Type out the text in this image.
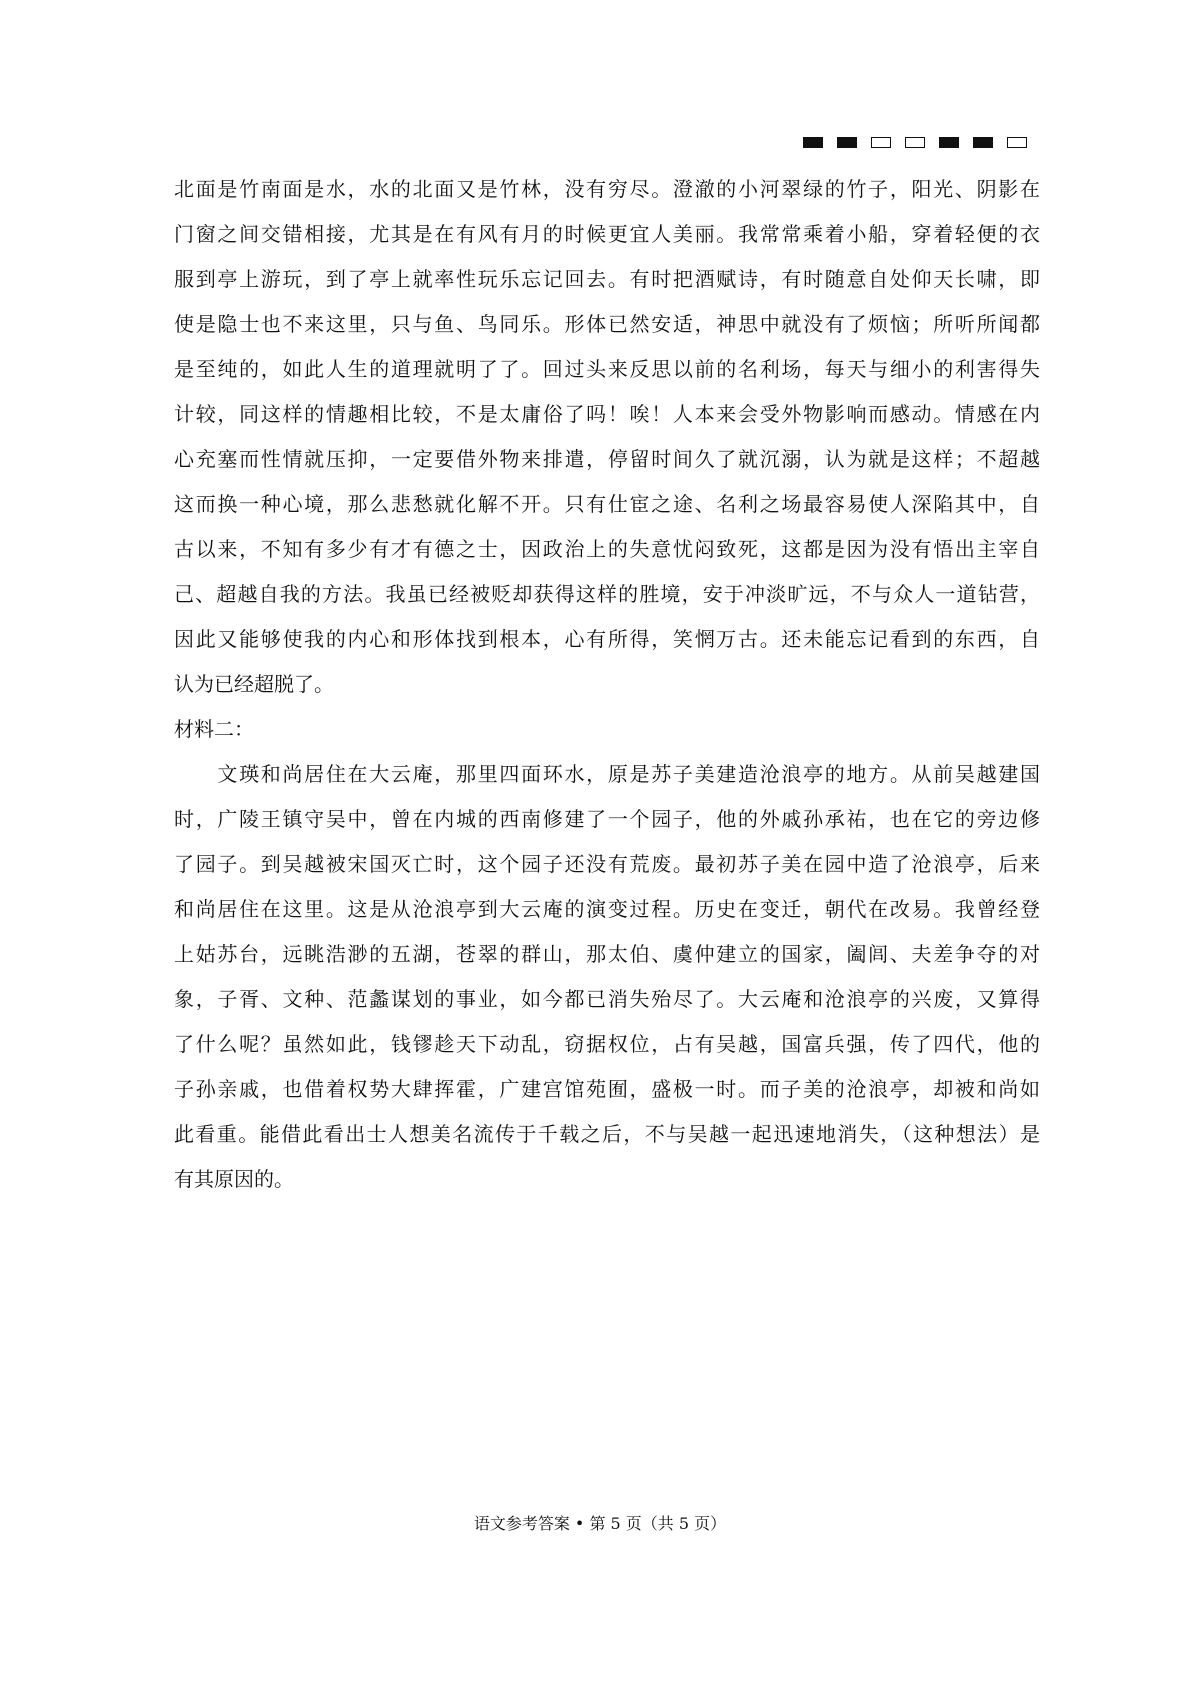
北面是竹南面是水，水的北面又是竹林，没有穷尽。澄澈的小河翠绿的竹子，阳光、阴影在
门窗之间交错相接，尤其是在有风有月的时候更宜人美丽。我常常乘着小船，穿着轻便的衣
服到亭上游玩，到了亭上就率性玩乐忘记回去。有时把酒赋诗，有时随意自处仰天长啸，即
使是隐士也不来这里，只与鱼、鸟同乐。形体已然安适，神思中就没有了烦恼；所听所闻都
是至纯的，如此人生的道理就明了了。回过头来反思以前的名利场，每天与细小的利害得失
计较，同这样的情趣相比较，不是太庸俗了吗！唉！人本来会受外物影响而感动。情感在内
心充塞而性情就压抑，一定要借外物来排遣，停留时间久了就沉溺，认为就是这样；不超越
这而换一种心境，那么悲愁就化解不开。只有仕宦之途、名利之场最容易使人深陷其中，自
古以来，不知有多少有才有德之士，因政治上的失意忧闷致死，这都是因为没有悟出主宰自
己、超越自我的方法。我虽已经被贬却获得这样的胜境，安于冲淡旷远，不与众人一道钻营，
因此又能够使我的内心和形体找到根本，心有所得，笑惘万古。还未能忘记看到的东西，自
认为已经超脱了。
材料二：
　　文瑛和尚居住在大云庵，那里四面环水，原是苏子美建造沧浪亭的地方。从前吴越建国
时，广陵王镇守吴中，曾在内城的西南修建了一个园子，他的外戚孙承祐，也在它的旁边修
了园子。到吴越被宋国灭亡时，这个园子还没有荒废。最初苏子美在园中造了沧浪亭，后来
和尚居住在这里。这是从沧浪亭到大云庵的演变过程。历史在变迁，朝代在改易。我曾经登
上姑苏台，远眺浩渺的五湖，苍翠的群山，那太伯、虞仲建立的国家，阖闾、夫差争夺的对
象，子胥、文种、范蠡谋划的事业，如今都已消失殆尽了。大云庵和沧浪亭的兴废，又算得
了什么呢？虽然如此，钱镠趁天下动乱，窃据权位，占有吴越，国富兵强，传了四代，他的
子孙亲戚，也借着权势大肆挥霍，广建宫馆苑囿，盛极一时。而子美的沧浪亭，却被和尚如
此看重。能借此看出士人想美名流传于千载之后，不与吴越一起迅速地消失，（这种想法）是
有其原因的。
语文参考答案 • 第 5 页（共 5 页）
